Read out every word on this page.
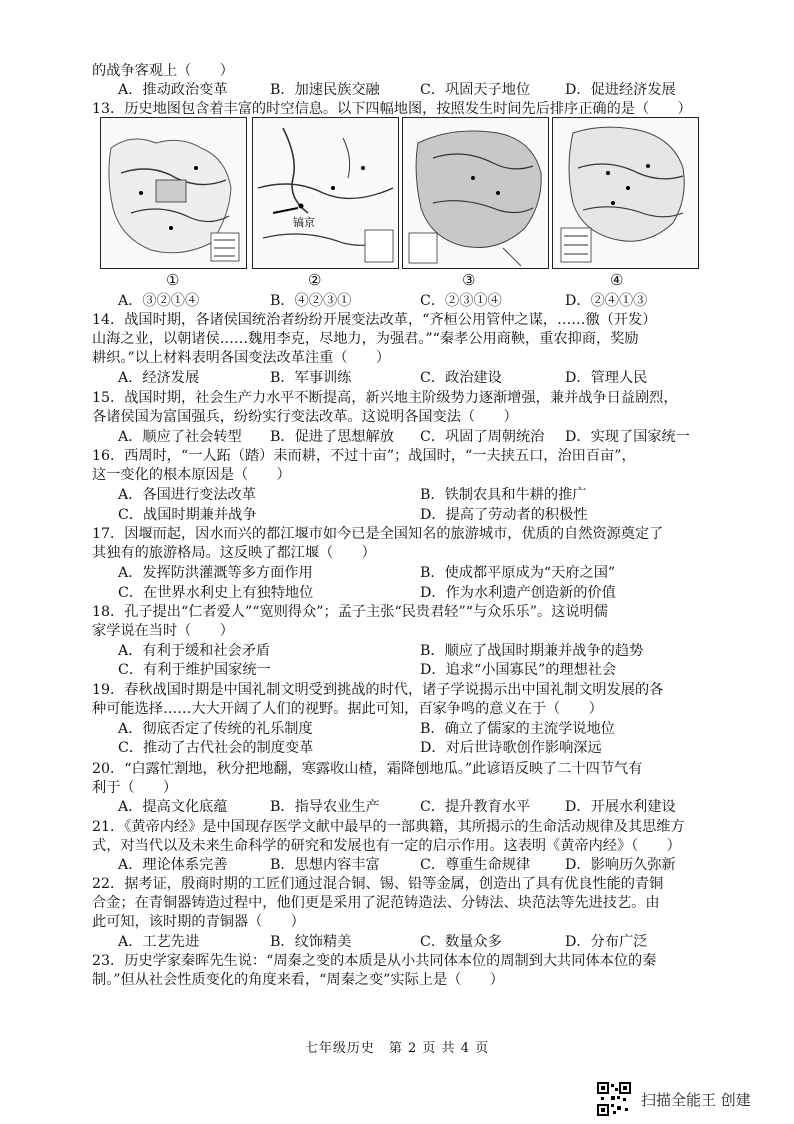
的战争客观上（　　）
A．推动政治变革	B．加速民族交融	C．巩固天子地位 D．促进经济发展
13．历史地图包含着丰富的时空信息。以下四幅地图，按照发生时间先后排序正确的是（　　）
镐京
①	②	③	④
A．③②①④	B．④②③①	C．②③①④	D．②④①③
14．战国时期，各诸侯国统治者纷纷开展变法改革，“齐桓公用管仲之谋，……徼（开发）
山海之业，以朝诸侯……魏用李克，尽地力，为强君。”“秦孝公用商鞅，重农抑商，奖励
耕织。”以上材料表明各国变法改革注重（　　）
A．经济发展	B．军事训练	C．政治建设	D．管理人民
15．战国时期，社会生产力水平不断提高，新兴地主阶级势力逐渐增强，兼并战争日益剧烈，
各诸侯国为富国强兵，纷纷实行变法改革。这说明各国变法（　　）
A．顺应了社会转型 B．促进了思想解放 C．巩固了周朝统治 D．实现了国家统一
16．西周时，“一人跖（踏）耒而耕，不过十亩”；战国时，“一夫挟五口，治田百亩”，
这一变化的根本原因是（　　）
A．各国进行变法改革	B．铁制农具和牛耕的推广
C．战国时期兼并战争	D．提高了劳动者的积极性
17．因堰而起，因水而兴的都江堰市如今已是全国知名的旅游城市，优质的自然资源奠定了
其独有的旅游格局。这反映了都江堰（　　）
A．发挥防洪灌溉等多方面作用	B．使成都平原成为“天府之国”
C．在世界水利史上有独特地位	D．作为水利遗产创造新的价值
18．孔子提出“仁者爱人”“宽则得众”；孟子主张“民贵君轻”“与众乐乐”。这说明儒
家学说在当时（　　）
A．有利于缓和社会矛盾	B．顺应了战国时期兼并战争的趋势
C．有利于维护国家统一	D．追求“小国寡民”的理想社会
19．春秋战国时期是中国礼制文明受到挑战的时代，诸子学说揭示出中国礼制文明发展的各
种可能选择……大大开阔了人们的视野。据此可知，百家争鸣的意义在于（　　）
A．彻底否定了传统的礼乐制度	B．确立了儒家的主流学说地位
C．推动了古代社会的制度变革	D．对后世诗歌创作影响深远
20．“白露忙割地，秋分把地翻，寒露收山楂，霜降刨地瓜。”此谚语反映了二十四节气有
利于（　　）
A．提高文化底蕴	B．指导农业生产	C．提升教育水平 D．开展水利建设
21．《黄帝内经》是中国现存医学文献中最早的一部典籍，其所揭示的生命活动规律及其思维方
式，对当代以及未来生命科学的研究和发展也有一定的启示作用。这表明《黄帝内经》（　　）
A．理论体系完善	B．思想内容丰富	C．尊重生命规律 D．影响历久弥新
22．据考证，殷商时期的工匠们通过混合铜、锡、铅等金属，创造出了具有优良性能的青铜
合金；在青铜器铸造过程中，他们更是采用了泥范铸造法、分铸法、块范法等先进技艺。由
此可知，该时期的青铜器（　　）
A．工艺先进	B．纹饰精美	C．数量众多	D．分布广泛
23．历史学家秦晖先生说：“周秦之变的本质是从小共同体本位的周制到大共同体本位的秦
制。”但从社会性质变化的角度来看，“周秦之变”实际上是（　　）
七年级历史　第 2 页 共 4 页
扫描全能王 创建
